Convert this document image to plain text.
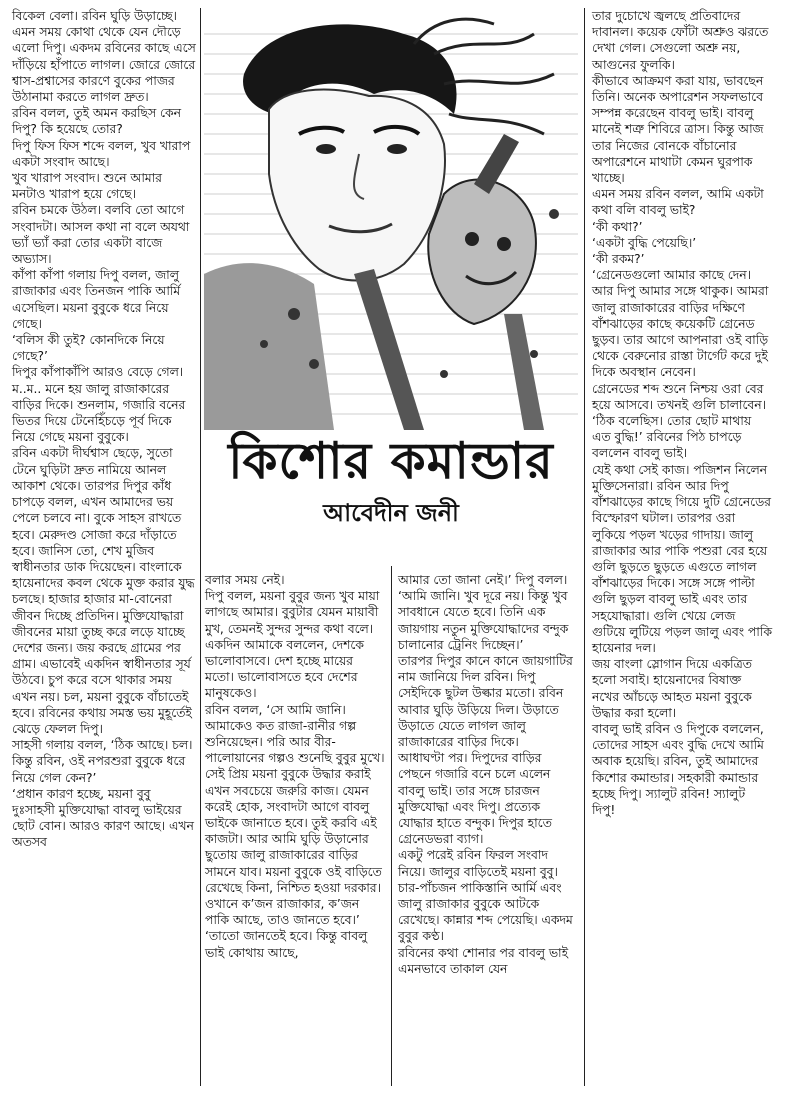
বিকেল বেলা। রবিন ঘুড়ি উড়াচ্ছে। এমন সময় কোথা থেকে যেন দৌড়ে এলো দিপু। একদম রবিনের কাছে এসে দাঁড়িয়ে হাঁপাতে লাগল। জোরে জোরে শ্বাস-প্রশ্বাসের কারণে বুকের পাজর উঠানামা করতে লাগল দ্রুত।

রবিন বলল, তুই অমন করছিস কেন দিপু? কি হয়েছে তোর?

দিপু ফিস ফিস শব্দে বলল, খুব খারাপ একটা সংবাদ আছে।

খুব খারাপ সংবাদ। শুনে আমার মনটাও খারাপ হয়ে গেছে।

রবিন চমকে উঠল। বলবি তো আগে সংবাদটা। আসল কথা না বলে অযথা ভ্যাঁ ভ্যাঁ করা তোর একটা বাজে অভ্যাস।

কাঁপা কাঁপা গলায় দিপু বলল, জালু রাজাকার এবং তিনজন পাকি আর্মি এসেছিল। ময়না বুবুকে ধরে নিয়ে গেছে।

‘বলিস কী তুই? কোনদিকে নিয়ে গেছে?’

দিপুর কাঁপাকাঁপি আরও বেড়ে গেল। ম..ম.. মনে হয় জালু রাজাকারের বাড়ির দিকে। শুনলাম, গজারি বনের ভিতর দিয়ে টেনেহিঁচড়ে পূর্ব দিকে নিয়ে গেছে ময়না বুবুকে।

রবিন একটা দীর্ঘশ্বাস ছেড়ে, সুতো টেনে ঘুড়িটা দ্রুত নামিয়ে আনল আকাশ থেকে। তারপর দিপুর কাঁধ চাপড়ে বলল, এখন আমাদের ভয় পেলে চলবে না। বুকে সাহস রাখতে হবে। মেরুদণ্ড সোজা করে দাঁড়াতে হবে। জানিস তো, শেখ মুজিব স্বাধীনতার ডাক দিয়েছেন। বাংলাকে হায়েনাদের কবল থেকে মুক্ত করার যুদ্ধ চলছে। হাজার হাজার মা-বোনেরা জীবন দিচ্ছে প্রতিদিন। মুক্তিযোদ্ধারা জীবনের মায়া তুচ্ছ করে লড়ে যাচ্ছে দেশের জন্য। জয় করছে গ্রামের পর গ্রাম। এভাবেই একদিন স্বাধীনতার সূর্য উঠবে। চুপ করে বসে থাকার সময় এখন নয়। চল, ময়না বুবুকে বাঁচাতেই হবে। রবিনের কথায় সমস্ত ভয় মুহূর্তেই ঝেড়ে ফেলল দিপু।

সাহসী গলায় বলল, ‘ঠিক আছে। চল। কিন্তু রবিন, ওই নপরশুরা বুবুকে ধরে নিয়ে গেল কেন?’

‘প্রধান কারণ হচ্ছে, ময়না বুবু দুঃসাহসী মুক্তিযোদ্ধা বাবলু ভাইয়ের ছোট বোন। আরও কারণ আছে। এখন অতসব

কিশোর কমান্ডার
আবেদীন জনী

বলার সময় নেই।

দিপু বলল, ময়না বুবুর জন্য খুব মায়া লাগছে আমার। বুবুটার যেমন মায়াবী মুখ, তেমনই সুন্দর সুন্দর কথা বলে। একদিন আমাকে বললেন, দেশকে ভালোবাসবে। দেশ হচ্ছে মায়ের মতো। ভালোবাসতে হবে দেশের মানুষকেও।

রবিন বলল, ‘সে আমি জানি। আমাকেও কত রাজা-রানীর গল্প শুনিয়েছেন। পরি আর বীর-পালোয়ানের গল্পও শুনেছি বুবুর মুখে। সেই প্রিয় ময়না বুবুকে উদ্ধার করাই এখন সবচেয়ে জরুরি কাজ। যেমন করেই হোক, সংবাদটা আগে বাবলু ভাইকে জানাতে হবে। তুই করবি এই কাজটা। আর আমি ঘুড়ি উড়ানোর ছুতোয় জালু রাজাকারের বাড়ির সামনে যাব। ময়না বুবুকে ওই বাড়িতে রেখেছে কিনা, নিশ্চিত হওয়া দরকার। ওখানে ক’জন রাজাকার, ক’জন পাকি আছে, তাও জানতে হবে।’

‘তাতো জানতেই হবে। কিন্তু বাবলু ভাই কোথায় আছে,

আমার তো জানা নেই।’ দিপু বলল।

‘আমি জানি। খুব দূরে নয়। কিন্তু খুব সাবধানে যেতে হবে। তিনি এক জায়গায় নতুন মুক্তিযোদ্ধাদের বন্দুক চালানোর ট্রেনিং দিচ্ছেন।’

তারপর দিপুর কানে কানে জায়গাটির নাম জানিয়ে দিল রবিন। দিপু সেইদিকে ছুটল উল্কার মতো। রবিন আবার ঘুড়ি উড়িয়ে দিল। উড়াতে উড়াতে যেতে লাগল জালু রাজাকারের বাড়ির দিকে।

আধাঘণ্টা পর। দিপুদের বাড়ির পেছনে গজারি বনে চলে এলেন বাবলু ভাই। তার সঙ্গে চারজন মুক্তিযোদ্ধা এবং দিপু। প্রত্যেক যোদ্ধার হাতে বন্দুক। দিপুর হাতে গ্রেনেডভরা ব্যাগ।

একটু পরেই রবিন ফিরল সংবাদ নিয়ে। জালুর বাড়িতেই ময়না বুবু। চার-পাঁচজন পাকিস্তানি আর্মি এবং জালু রাজাকার বুবুকে আটকে রেখেছে। কান্নার শব্দ পেয়েছি। একদম বুবুর কণ্ঠ।

রবিনের কথা শোনার পর বাবলু ভাই এমনভাবে তাকাল যেন

তার দুচোখে জ্বলছে প্রতিবাদের দাবানল। কয়েক ফোঁটা অশ্রুও ঝরতে দেখা গেল। সেগুলো অশ্রু নয়, আগুনের ফুলকি।

কীভাবে আক্রমণ করা যায়, ভাবছেন তিনি। অনেক অপারেশন সফলভাবে সম্পন্ন করেছেন বাবলু ভাই। বাবলু মানেই শত্রু শিবিরে ত্রাস। কিন্তু আজ তার নিজের বোনকে বাঁচানোর অপারেশনে মাথাটা কেমন ঘুরপাক খাচ্ছে।

এমন সময় রবিন বলল, আমি একটা কথা বলি বাবলু ভাই?

‘কী কথা?’

‘একটা বুদ্ধি পেয়েছি।’

‘কী রকম?’

‘গ্রেনেডগুলো আমার কাছে দেন। আর দিপু আমার সঙ্গে থাকুক। আমরা জালু রাজাকারের বাড়ির দক্ষিণে বাঁশঝাড়ের কাছে কয়েকটি গ্রেনেড ছুড়ব। তার আগে আপনারা ওই বাড়ি থেকে বেরুনোর রাস্তা টার্গেট করে দুই দিকে অবস্থান নেবেন।

গ্রেনেডের শব্দ শুনে নিশ্চয় ওরা বের হয়ে আসবে। তখনই গুলি চালাবেন।

‘ঠিক বলেছিস। তোর ছোট মাথায় এত বুদ্ধি!’ রবিনের পিঠ চাপড়ে বললেন বাবলু ভাই।

যেই কথা সেই কাজ। পজিশন নিলেন মুক্তিসেনারা। রবিন আর দিপু বাঁশঝাড়ের কাছে গিয়ে দুটি গ্রেনেডের বিস্ফোরণ ঘটাল। তারপর ওরা লুকিয়ে পড়ল খড়ের গাদায়। জালু রাজাকার আর পাকি পশুরা বের হয়ে গুলি ছুড়তে ছুড়তে এগুতে লাগল বাঁশঝাড়ের দিকে। সঙ্গে সঙ্গে পাল্টা গুলি ছুড়ল বাবলু ভাই এবং তার সহযোদ্ধারা। গুলি খেয়ে লেজ গুটিয়ে লুটিয়ে পড়ল জালু এবং পাকি হায়েনার দল।

জয় বাংলা স্লোগান দিয়ে একত্রিত হলো সবাই। হায়েনাদের বিষাক্ত নখের আঁচড়ে আহত ময়না বুবুকে উদ্ধার করা হলো।

বাবলু ভাই রবিন ও দিপুকে বললেন, তোদের সাহস এবং বুদ্ধি দেখে আমি অবাক হয়েছি। রবিন, তুই আমাদের কিশোর কমান্ডার। সহকারী কমান্ডার হচ্ছে দিপু। স্যালুট রবিন! স্যালুট দিপু!
